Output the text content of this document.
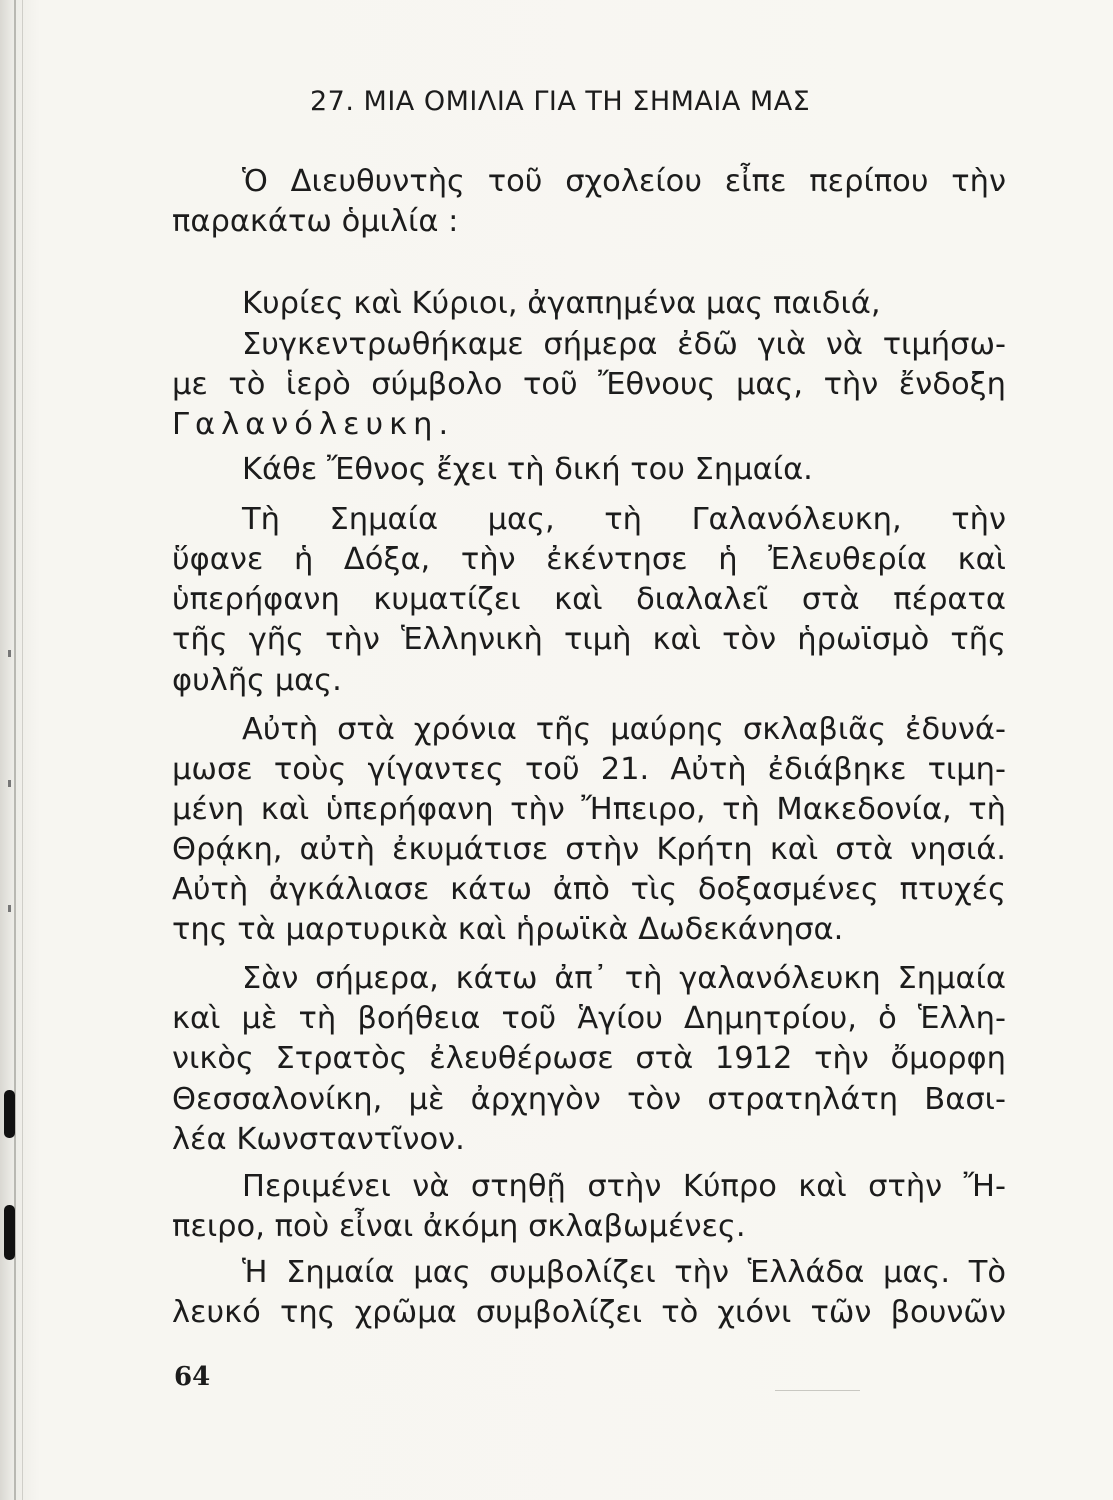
27. ΜΙΑ ΟΜΙΛΙΑ ΓΙΑ ΤΗ ΣΗΜΑΙΑ ΜΑΣ
Ὁ Διευθυντὴς τοῦ σχολείου εἶπε περίπου τὴν
παρακάτω ὁμιλία :
Κυρίες καὶ Κύριοι, ἀγαπημένα μας παιδιά,
Συγκεντρωθήκαμε σήμερα ἐδῶ γιὰ νὰ τιμήσω-
με τὸ ἱερὸ σύμβολο τοῦ Ἔθνους μας, τὴν ἔνδοξη
Γαλανόλευκη.
Κάθε Ἔθνος ἔχει τὴ δική του Σημαία.
Τὴ Σημαία μας, τὴ Γαλανόλευκη, τὴν
ὕφανε ἡ Δόξα, τὴν ἐκέντησε ἡ Ἐλευθερία καὶ
ὑπερήφανη κυματίζει καὶ διαλαλεῖ στὰ πέρατα
τῆς γῆς τὴν Ἑλληνικὴ τιμὴ καὶ τὸν ἡρωϊσμὸ τῆς
φυλῆς μας.
Αὐτὴ στὰ χρόνια τῆς μαύρης σκλαβιᾶς ἐδυνά-
μωσε τοὺς γίγαντες τοῦ 21. Αὐτὴ ἐδιάβηκε τιμη-
μένη καὶ ὑπερήφανη τὴν Ἤπειρο, τὴ Μακεδονία, τὴ
Θρᾴκη, αὐτὴ ἐκυμάτισε στὴν Κρήτη καὶ στὰ νησιά.
Αὐτὴ ἀγκάλιασε κάτω ἀπὸ τὶς δοξασμένες πτυχές
της τὰ μαρτυρικὰ καὶ ἡρωϊκὰ Δωδεκάνησα.
Σὰν σήμερα, κάτω ἀπ᾽ τὴ γαλανόλευκη Σημαία
καὶ μὲ τὴ βοήθεια τοῦ Ἁγίου Δημητρίου, ὁ Ἑλλη-
νικὸς Στρατὸς ἐλευθέρωσε στὰ 1912 τὴν ὄμορφη
Θεσσαλονίκη, μὲ ἀρχηγὸν τὸν στρατηλάτη Βασι-
λέα Κωνσταντῖνον.
Περιμένει νὰ στηθῇ στὴν Κύπρο καὶ στὴν Ἤ-
πειρο, ποὺ εἶναι ἀκόμη σκλαβωμένες.
Ἡ Σημαία μας συμβολίζει τὴν Ἑλλάδα μας. Τὸ
λευκό της χρῶμα συμβολίζει τὸ χιόνι τῶν βουνῶν
64
